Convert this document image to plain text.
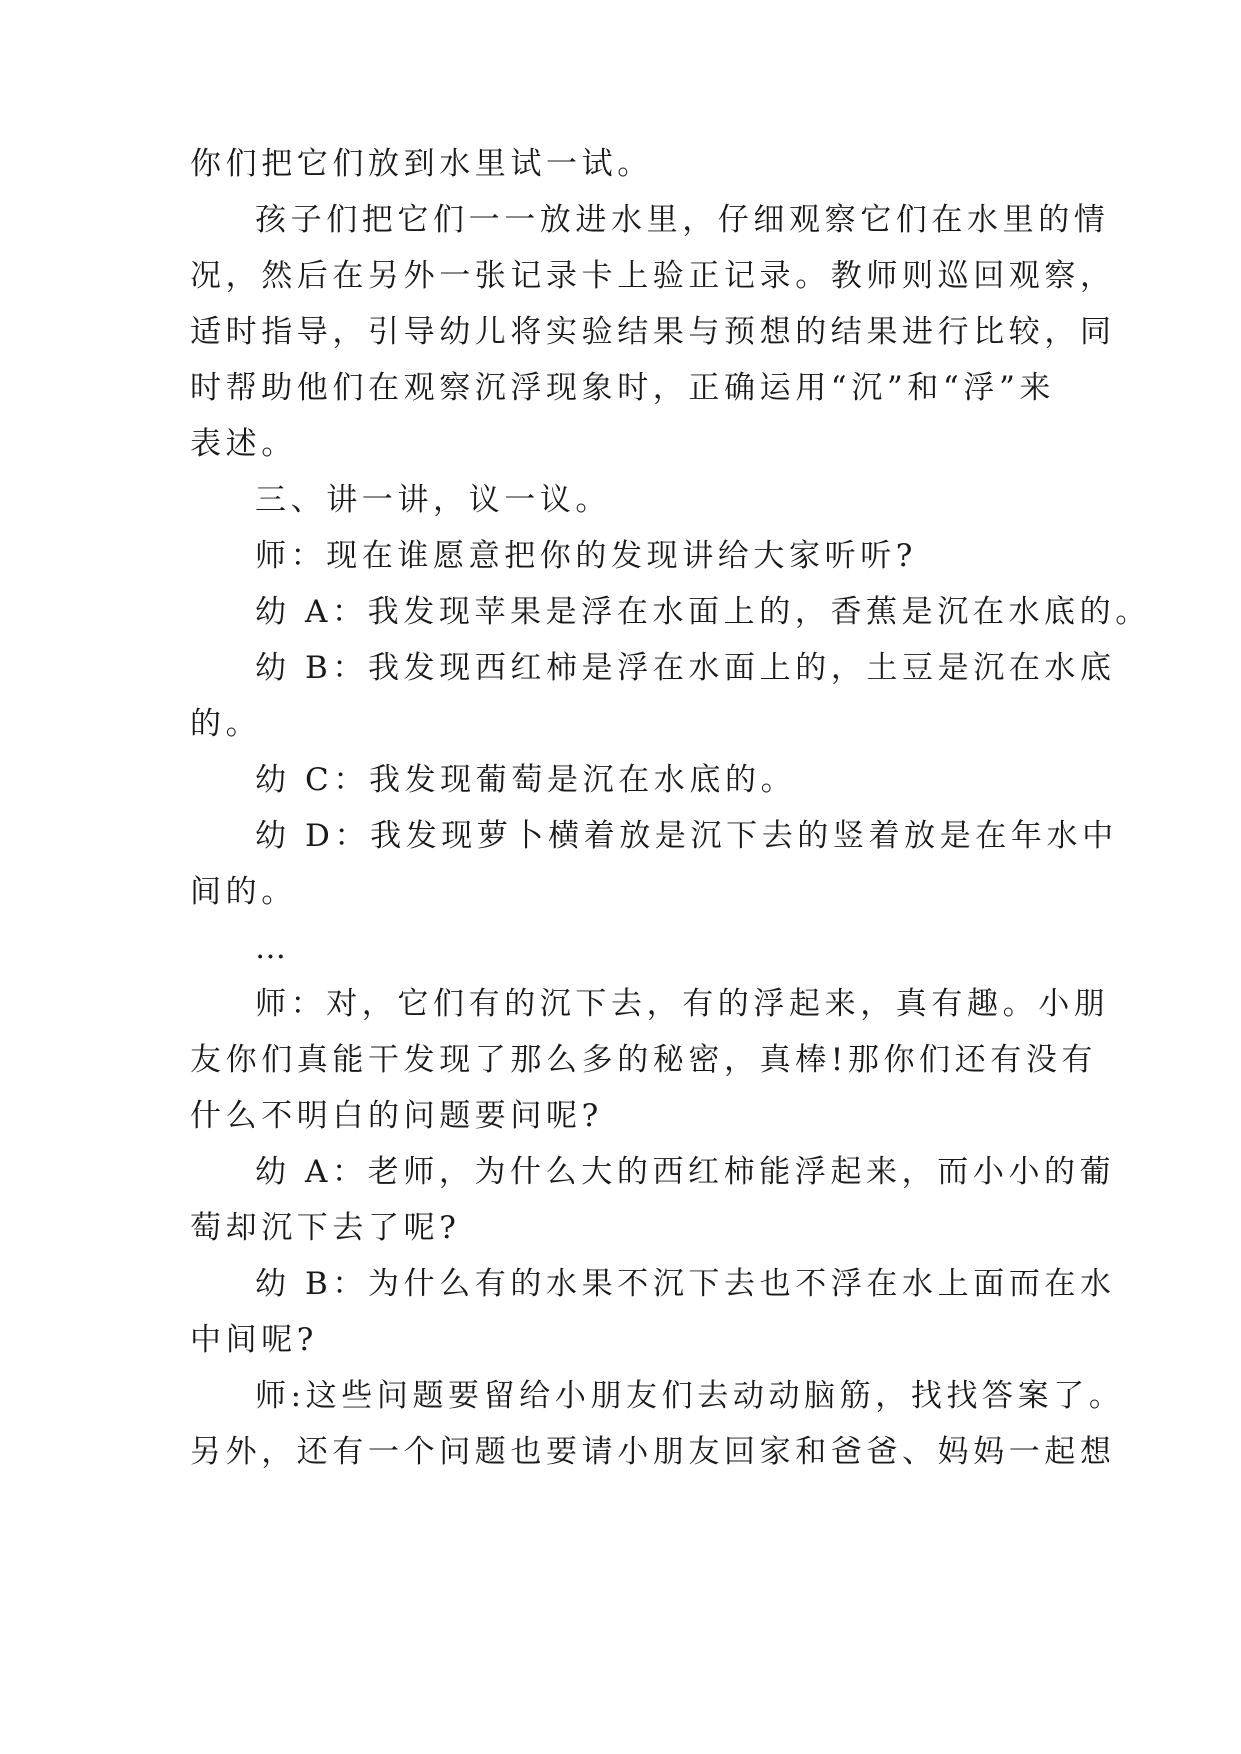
你们把它们放到水里试一试。
孩子们把它们一一放进水里，仔细观察它们在水里的情
况，然后在另外一张记录卡上验正记录。教师则巡回观察，
适时指导，引导幼儿将实验结果与预想的结果进行比较，同
时帮助他们在观察沉浮现象时，正确运用“沉”和“浮”来
表述。
三、讲一讲，议一议。
师：现在谁愿意把你的发现讲给大家听听?
幼 A：我发现苹果是浮在水面上的，香蕉是沉在水底的。
幼 B：我发现西红柿是浮在水面上的，土豆是沉在水底
的。
幼 C：我发现葡萄是沉在水底的。
幼 D：我发现萝卜横着放是沉下去的竖着放是在年水中
间的。
…
师：对，它们有的沉下去，有的浮起来，真有趣。小朋
友你们真能干发现了那么多的秘密，真棒!那你们还有没有
什么不明白的问题要问呢?
幼 A：老师，为什么大的西红柿能浮起来，而小小的葡
萄却沉下去了呢?
幼 B：为什么有的水果不沉下去也不浮在水上面而在水
中间呢?
师:这些问题要留给小朋友们去动动脑筋，找找答案了。
另外，还有一个问题也要请小朋友回家和爸爸、妈妈一起想
